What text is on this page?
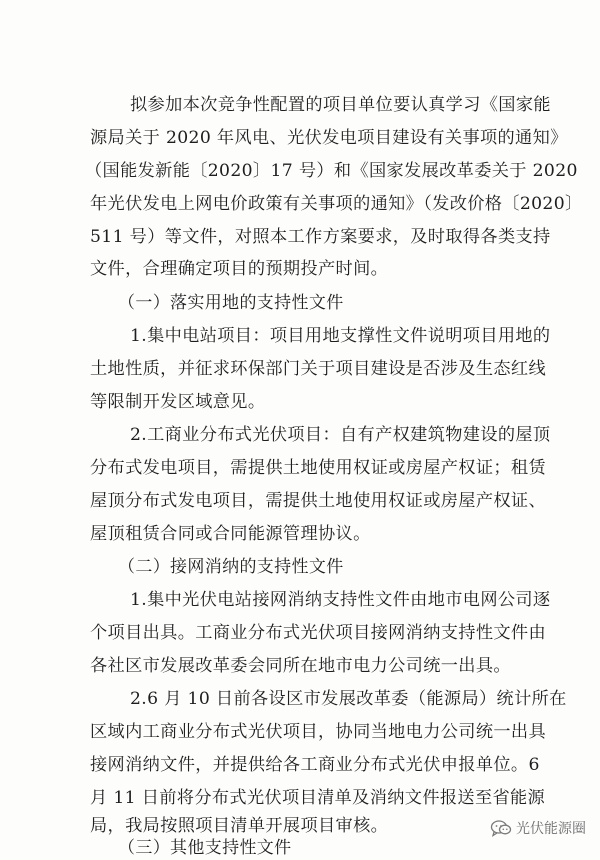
拟参加本次竞争性配置的项目单位要认真学习《国家能
源局关于 2020 年风电、光伏发电项目建设有关事项的通知》
（国能发新能〔2020〕17 号）和《国家发展改革委关于 2020
年光伏发电上网电价政策有关事项的通知》（发改价格〔2020〕
511 号）等文件，对照本工作方案要求，及时取得各类支持
文件，合理确定项目的预期投产时间。
（一）落实用地的支持性文件
1.集中电站项目：项目用地支撑性文件说明项目用地的
土地性质，并征求环保部门关于项目建设是否涉及生态红线
等限制开发区域意见。
2.工商业分布式光伏项目：自有产权建筑物建设的屋顶
分布式发电项目，需提供土地使用权证或房屋产权证；租赁
屋顶分布式发电项目，需提供土地使用权证或房屋产权证、
屋顶租赁合同或合同能源管理协议。
（二）接网消纳的支持性文件
1.集中光伏电站接网消纳支持性文件由地市电网公司逐
个项目出具。工商业分布式光伏项目接网消纳支持性文件由
各社区市发展改革委会同所在地市电力公司统一出具。
2.6 月 10 日前各设区市发展改革委（能源局）统计所在
区域内工商业分布式光伏项目，协同当地电力公司统一出具
接网消纳文件，并提供给各工商业分布式光伏申报单位。6
月 11 日前将分布式光伏项目清单及消纳文件报送至省能源
局，我局按照项目清单开展项目审核。
（三）其他支持性文件
光伏能源圈
